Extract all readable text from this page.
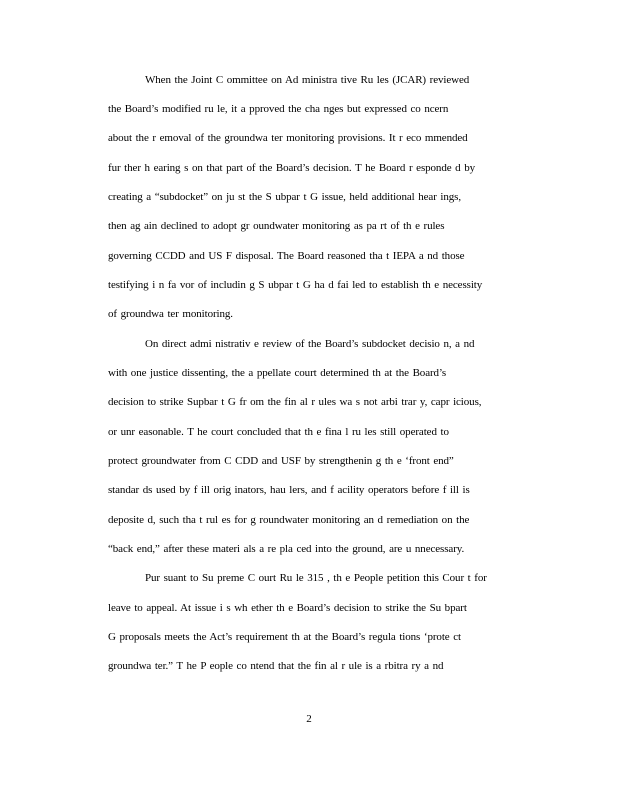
When the Joint C ommittee on Ad ministra tive Ru les (JCAR) reviewed
the Board’s modified ru le, it a pproved the cha nges but expressed co ncern
about the r emoval of the groundwa ter monitoring provisions. It r eco mmended
fur ther h earing s on that part of the Board’s decision. T he Board r esponde d by
creating a “subdocket” on ju st the S ubpar t G issue, held additional hear ings,
then ag ain declined to adopt gr oundwater monitoring as pa rt of th e rules
governing CCDD and US F disposal. The Board reasoned tha t IEPA a nd those
testifying i n fa vor of includin g S ubpar t G ha d fai led to establish th e necessity
of groundwa ter monitoring.
On direct admi nistrativ e review of the Board’s subdocket decisio n, a nd
with one justice dissenting, the a ppellate court determined th at the Board’s
decision to strike Supbar t G fr om the fin al r ules wa s not arbi trar y, capr icious,
or unr easonable. T he court concluded that th e fina l ru les still operated to
protect groundwater from C CDD and USF by strengthenin g th e ‘front end”
standar ds used by f ill orig inators, hau lers, and f acility operators before f ill is
deposite d, such tha t rul es for g roundwater monitoring an d remediation on the
“back end,” after these materi als a re pla ced into the ground, are u nnecessary.
Pur suant to Su preme C ourt Ru le 315 , th e People petition this Cour t for
leave to appeal. At issue i s wh ether th e Board’s decision to strike the Su bpart
G proposals meets the Act’s requirement th at the Board’s regula tions ‘prote ct
groundwa ter.” T he P eople co ntend that the fin al r ule is a rbitra ry a nd
2
